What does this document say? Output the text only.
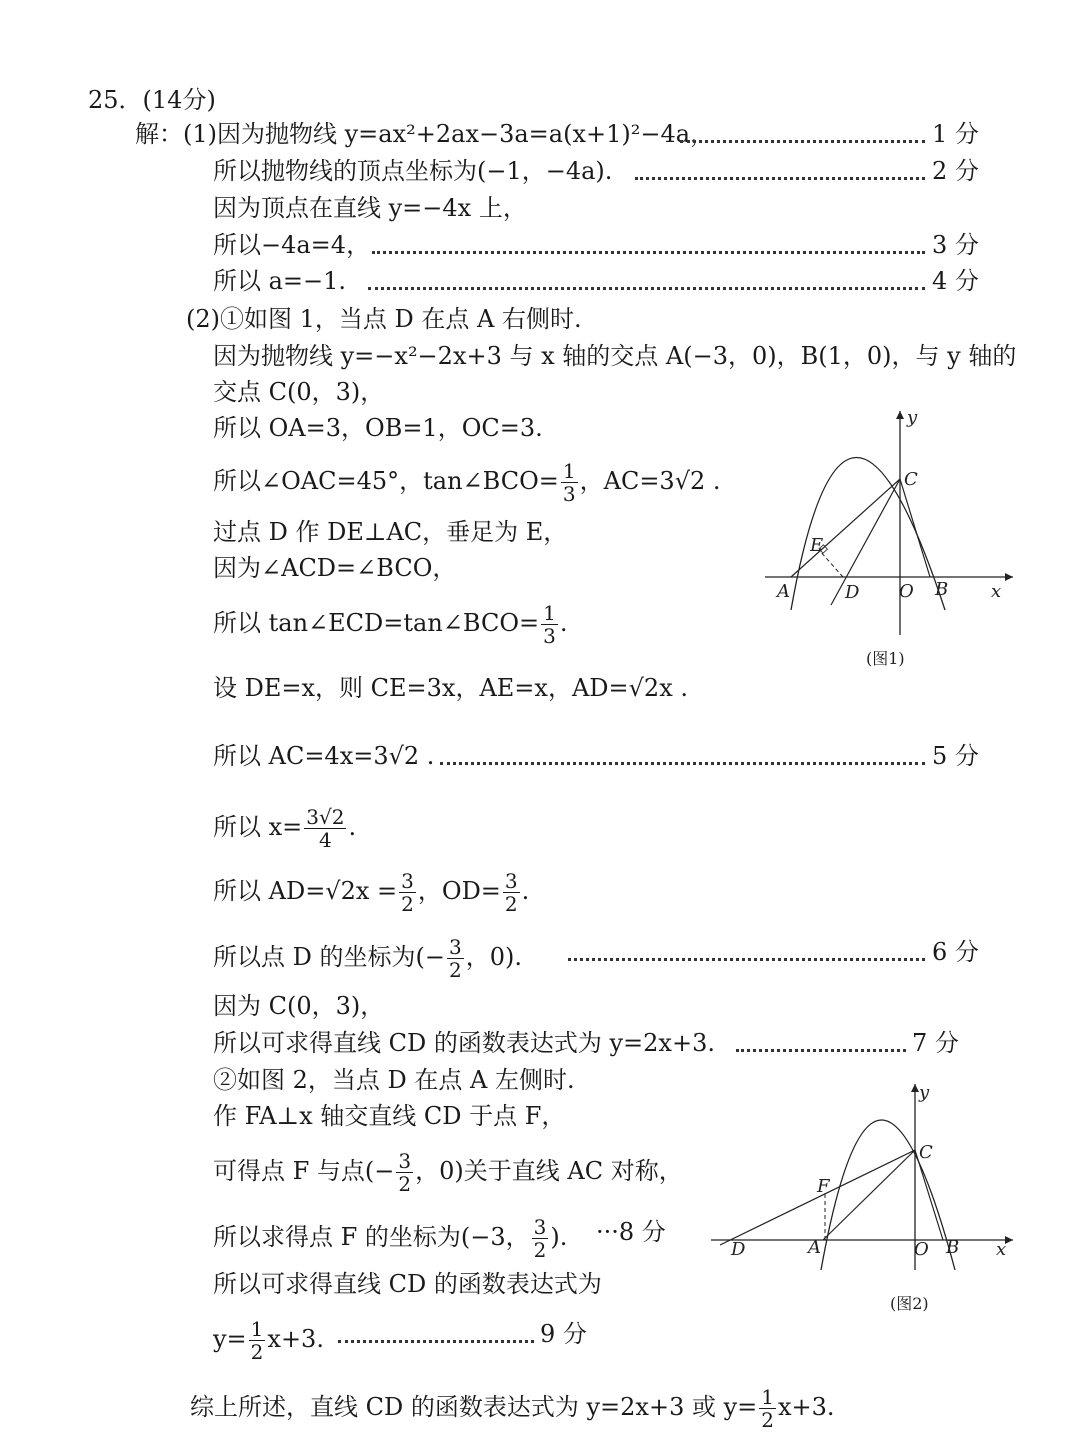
25．(14分)
解：(1)因为抛物线 y=ax²+2ax−3a=a(x+1)²−4a，	1 分
所以抛物线的顶点坐标为(−1，−4a).	2 分
因为顶点在直线 y=−4x 上，
所以−4a=4，	3 分
所以 a=−1.	4 分
(2)①如图 1，当点 D 在点 A 右侧时.
因为抛物线 y=−x²−2x+3 与 x 轴的交点 A(−3，0)，B(1，0)，与 y 轴的
交点 C(0，3)，
所以 OA=3，OB=1，OC=3.
所以∠OAC=45°，tan∠BCO= $\frac{1}{3}$ ，AC=3√2 .
过点 D 作 DE⊥AC，垂足为 E，
因为∠ACD=∠BCO，
所以 tan∠ECD=tan∠BCO= $\frac{1}{3}$ .
设 DE=x，则 CE=3x，AE=x，AD=√2x .
所以 AC=4x=3√2 .	5 分
所以 $x= \frac{3√2}{4}$ .
所以 $AD=√2x = \frac{3}{2}$ ，$OD= \frac{3}{2}$ .
所以点 D 的坐标为(− $\frac{3}{2}$ ，0).	6 分
因为 C(0，3)，
所以可求得直线 CD 的函数表达式为 y=2x+3.	7 分
②如图 2，当点 D 在点 A 左侧时.
作 FA⊥x 轴交直线 CD 于点 F，
可得点 F 与点(− $\frac{3}{2}$ ，0)关于直线 AC 对称，
所以求得点 F 的坐标为(−3， $\frac{3}{2}$ ). ···8 分
所以可求得直线 CD 的函数表达式为
$y= \frac{1}{2} x+3$.	9 分
综上所述，直线 CD 的函数表达式为 y=2x+3 或 $y= \frac{1}{2} x+3$.
y
C
E
A	D O B x
(图1)
y
C
F
D	A	O B x
(图2)
